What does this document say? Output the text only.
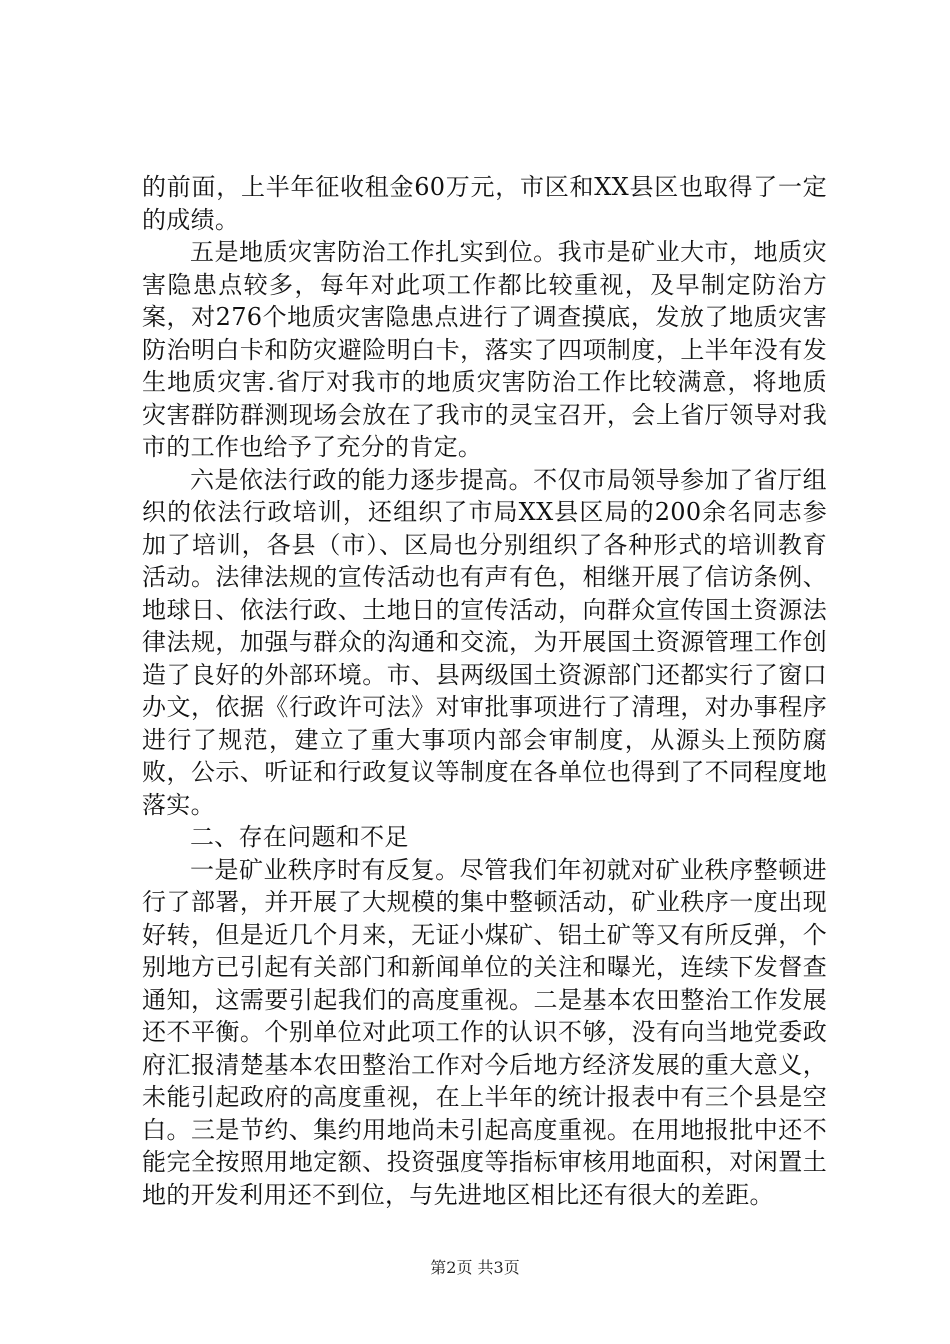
的前面，上半年征收租金60万元，市区和XX县区也取得了一定的成绩。

五是地质灾害防治工作扎实到位。我市是矿业大市，地质灾害隐患点较多，每年对此项工作都比较重视，及早制定防治方案，对276个地质灾害隐患点进行了调查摸底，发放了地质灾害防治明白卡和防灾避险明白卡，落实了四项制度，上半年没有发生地质灾害.省厅对我市的地质灾害防治工作比较满意，将地质灾害群防群测现场会放在了我市的灵宝召开，会上省厅领导对我市的工作也给予了充分的肯定。

六是依法行政的能力逐步提高。不仅市局领导参加了省厅组织的依法行政培训，还组织了市局XX县区局的200余名同志参加了培训，各县（市）、区局也分别组织了各种形式的培训教育活动。法律法规的宣传活动也有声有色，相继开展了信访条例、地球日、依法行政、土地日的宣传活动，向群众宣传国土资源法律法规，加强与群众的沟通和交流，为开展国土资源管理工作创造了良好的外部环境。市、县两级国土资源部门还都实行了窗口办文，依据《行政许可法》对审批事项进行了清理，对办事程序进行了规范，建立了重大事项内部会审制度，从源头上预防腐败，公示、听证和行政复议等制度在各单位也得到了不同程度地落实。

二、存在问题和不足

一是矿业秩序时有反复。尽管我们年初就对矿业秩序整顿进行了部署，并开展了大规模的集中整顿活动，矿业秩序一度出现好转，但是近几个月来，无证小煤矿、铝土矿等又有所反弹，个别地方已引起有关部门和新闻单位的关注和曝光，连续下发督查通知，这需要引起我们的高度重视。二是基本农田整治工作发展还不平衡。个别单位对此项工作的认识不够，没有向当地党委政府汇报清楚基本农田整治工作对今后地方经济发展的重大意义，未能引起政府的高度重视，在上半年的统计报表中有三个县是空白。三是节约、集约用地尚未引起高度重视。在用地报批中还不能完全按照用地定额、投资强度等指标审核用地面积，对闲置土地的开发利用还不到位，与先进地区相比还有很大的差距。

第2页 共3页
